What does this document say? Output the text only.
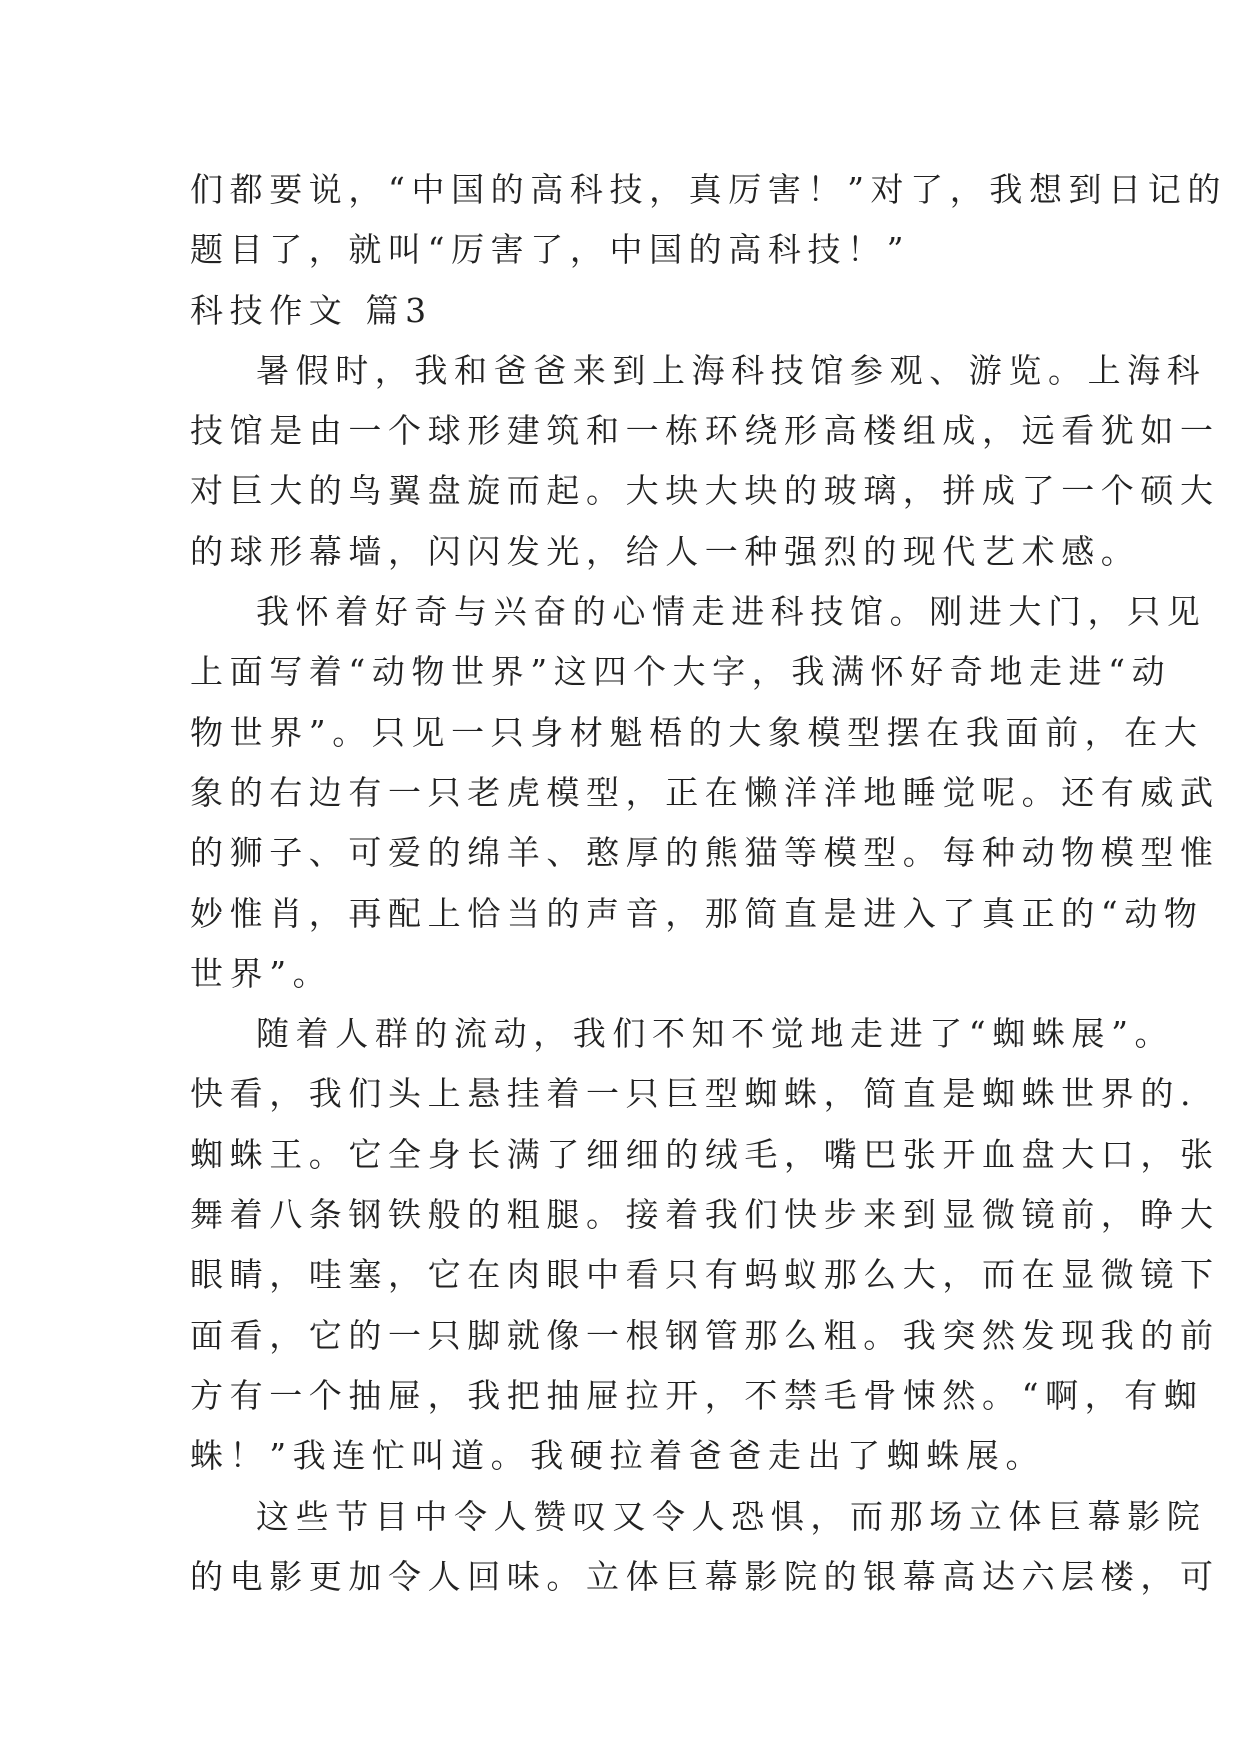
们都要说，“中国的高科技，真厉害！”对了，我想到日记的
题目了，就叫“厉害了，中国的高科技！”
科技作文 篇3
暑假时，我和爸爸来到上海科技馆参观、游览。上海科
技馆是由一个球形建筑和一栋环绕形高楼组成，远看犹如一
对巨大的鸟翼盘旋而起。大块大块的玻璃，拼成了一个硕大
的球形幕墙，闪闪发光，给人一种强烈的现代艺术感。
我怀着好奇与兴奋的心情走进科技馆。刚进大门，只见
上面写着“动物世界”这四个大字，我满怀好奇地走进“动
物世界”。只见一只身材魁梧的大象模型摆在我面前，在大
象的右边有一只老虎模型，正在懒洋洋地睡觉呢。还有威武
的狮子、可爱的绵羊、憨厚的熊猫等模型。每种动物模型惟
妙惟肖，再配上恰当的声音，那简直是进入了真正的“动物
世界”。
随着人群的流动，我们不知不觉地走进了“蜘蛛展”。
快看，我们头上悬挂着一只巨型蜘蛛，简直是蜘蛛世界的.
蜘蛛王。它全身长满了细细的绒毛，嘴巴张开血盘大口，张
舞着八条钢铁般的粗腿。接着我们快步来到显微镜前，睁大
眼睛，哇塞，它在肉眼中看只有蚂蚁那么大，而在显微镜下
面看，它的一只脚就像一根钢管那么粗。我突然发现我的前
方有一个抽屉，我把抽屉拉开，不禁毛骨悚然。“啊，有蜘
蛛！”我连忙叫道。我硬拉着爸爸走出了蜘蛛展。
这些节目中令人赞叹又令人恐惧，而那场立体巨幕影院
的电影更加令人回味。立体巨幕影院的银幕高达六层楼，可
